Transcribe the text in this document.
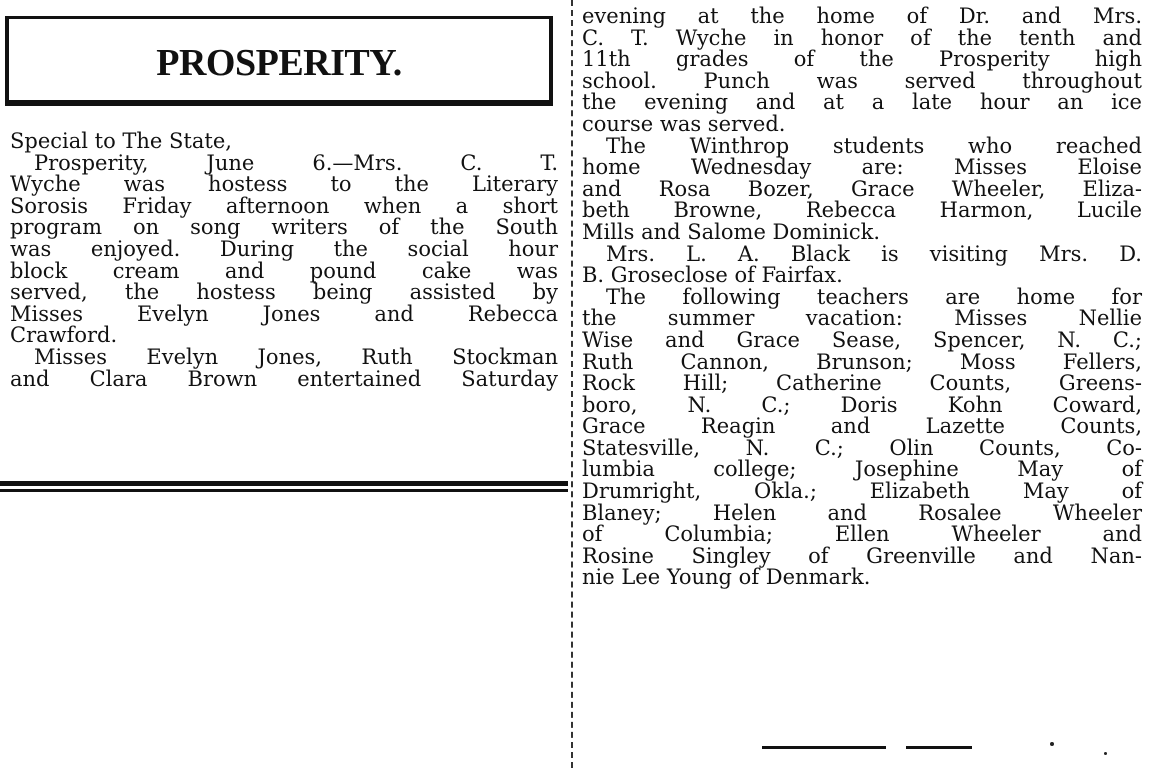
PROSPERITY.
Special to The State,
Prosperity, June 6.—Mrs. C. T.
Wyche was hostess to the Literary
Sorosis Friday afternoon when a short
program on song writers of the South
was enjoyed. During the social hour
block cream and pound cake was
served, the hostess being assisted by
Misses Evelyn Jones and Rebecca
Crawford.
Misses Evelyn Jones, Ruth Stockman
and Clara Brown entertained Saturday
evening at the home of Dr. and Mrs.
C. T. Wyche in honor of the tenth and
11th grades of the Prosperity high
school. Punch was served throughout
the evening and at a late hour an ice
course was served.
The Winthrop students who reached
home Wednesday are: Misses Eloise
and Rosa Bozer, Grace Wheeler, Eliza-
beth Browne, Rebecca Harmon, Lucile
Mills and Salome Dominick.
Mrs. L. A. Black is visiting Mrs. D.
B. Groseclose of Fairfax.
The following teachers are home for
the summer vacation: Misses Nellie
Wise and Grace Sease, Spencer, N. C.;
Ruth Cannon, Brunson; Moss Fellers,
Rock Hill; Catherine Counts, Greens-
boro, N. C.; Doris Kohn Coward,
Grace Reagin and Lazette Counts,
Statesville, N. C.; Olin Counts, Co-
lumbia college; Josephine May of
Drumright, Okla.; Elizabeth May of
Blaney; Helen and Rosalee Wheeler
of Columbia; Ellen Wheeler and
Rosine Singley of Greenville and Nan-
nie Lee Young of Denmark.
